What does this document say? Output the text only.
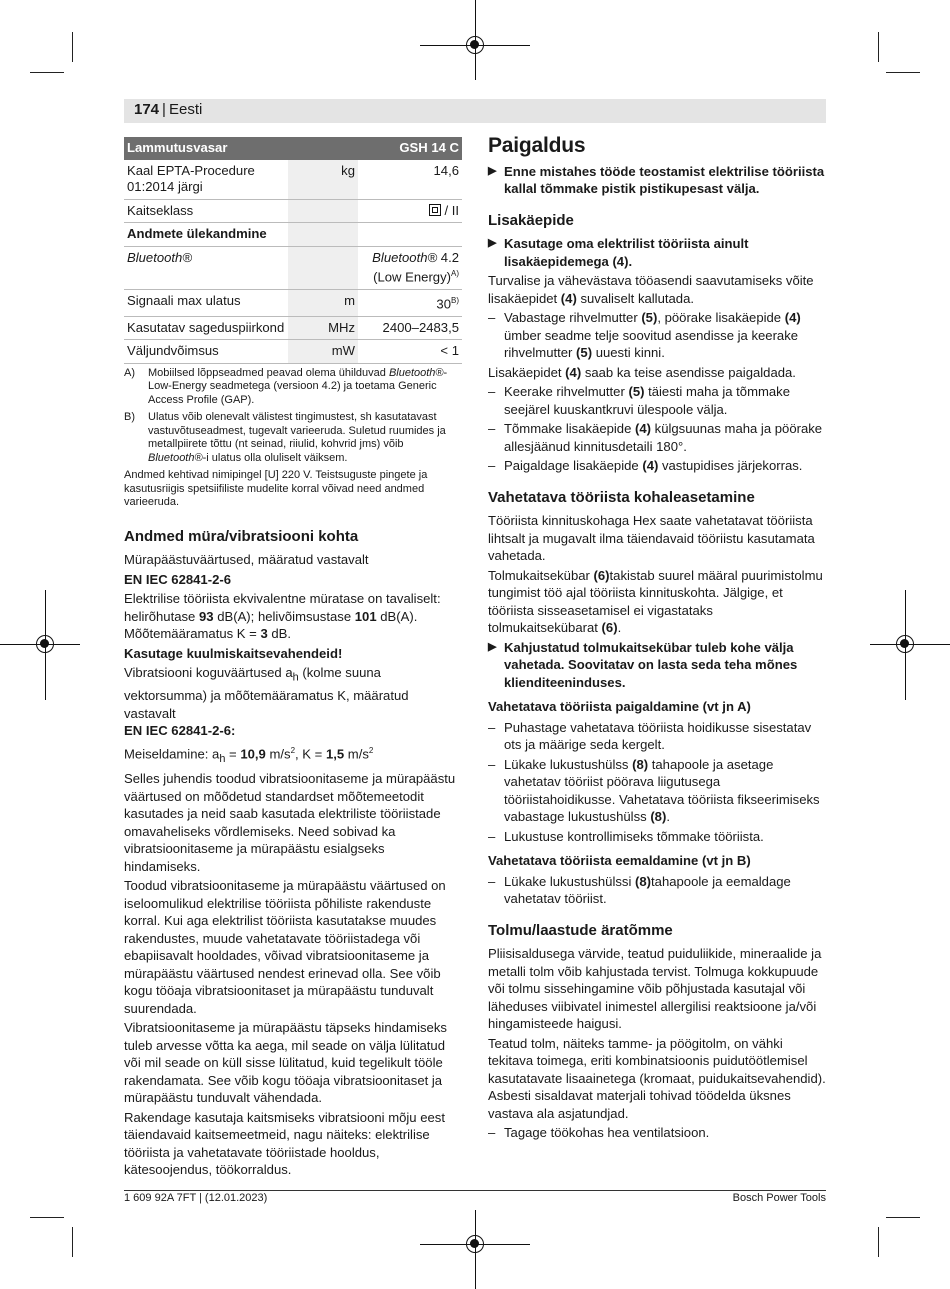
174 | Eesti
Lammutusvasar		GSH 14 C
Kaal EPTA-Procedure 01:2014 järgi	kg	14,6
Kaitseklass		/ II
Andmete ülekandmine		
Bluetooth®		Bluetooth® 4.2 (Low Energy)$^{A)}$
Signaali max ulatus	m	$30^{B)}$
Kasutatav sageduspiirkond	MHz	2400–2483,5
Väljundvõimsus	mW	< 1
A)	Mobiilsed lõppseadmed peavad olema ühilduvad Bluetooth®-Low-Energy seadmetega (versioon 4.2) ja toetama Generic Access Profile (GAP).
B)	Ulatus võib olenevalt välistest tingimustest, sh kasutatavast vastuvõtuseadmest, tugevalt varieeruda. Suletud ruumides ja metallpiirete tõttu (nt seinad, riiulid, kohvrid jms) võib Bluetooth®-i ulatus olla oluliselt väiksem.
Andmed kehtivad nimipingel [U] 220 V. Teistsuguste pingete ja kasutusriigis spetsiifiliste mudelite korral võivad need andmed varieeruda.
Andmed müra/vibratsiooni kohta

Mürapäästuväärtused, määratud vastavalt

EN IEC 62841-2-6

Elektrilise tööriista ekvivalentne müratase on tavaliselt: helirõhutase 93 dB(A); helivõimsustase 101 dB(A). Mõõtemääramatus K = 3 dB.

Kasutage kuulmiskaitsevahendeid!

Vibratsiooni koguväärtused $a_h$ (kolme suuna vektorsumma) ja mõõtemääramatus K, määratud vastavalt
EN IEC 62841-2-6:

Meiseldamine: $a_h = 10,9$ $m/s^2$, K = 1,5 $m/s^2$

Selles juhendis toodud vibratsioonitaseme ja mürapäästu väärtused on mõõdetud standardset mõõtemeetodit kasutades ja neid saab kasutada elektriliste tööriistade omavaheliseks võrdlemiseks. Need sobivad ka vibratsioonitaseme ja mürapäästu esialgseks hindamiseks.

Toodud vibratsioonitaseme ja mürapäästu väärtused on iseloomulikud elektrilise tööriista põhiliste rakenduste korral. Kui aga elektrilist tööriista kasutatakse muudes rakendustes, muude vahetatavate tööriistadega või ebapiisavalt hooldades, võivad vibratsioonitaseme ja mürapäästu väärtused nendest erinevad olla. See võib kogu tööaja vibratsioonitaset ja mürapäästu tunduvalt suurendada.

Vibratsioonitaseme ja mürapäästu täpseks hindamiseks tuleb arvesse võtta ka aega, mil seade on välja lülitatud või mil seade on küll sisse lülitatud, kuid tegelikult tööle rakendamata. See võib kogu tööaja vibratsioonitaset ja mürapäästu tunduvalt vähendada.

Rakendage kasutaja kaitsmiseks vibratsiooni mõju eest täiendavaid kaitsemeetmeid, nagu näiteks: elektrilise tööriista ja vahetatavate tööriistade hooldus, kätesoojendus, töökorraldus.

Paigaldus
▶ Enne mistahes tööde teostamist elektrilise tööriista kallal tõmmake pistik pistikupesast välja.
Lisakäepide
▶ Kasutage oma elektrilist tööriista ainult lisakäepidemega (4).

Turvalise ja vähevästava tööasendi saavutamiseks võite lisakäepidet (4) suvaliselt kallutada.

– Vabastage rihvelmutter (5), pöörake lisakäepide (4) ümber seadme telje soovitud asendisse ja keerake rihvelmutter (5) uuesti kinni.

Lisakäepidet (4) saab ka teise asendisse paigaldada.

– Keerake rihvelmutter (5) täiesti maha ja tõmmake seejärel kuuskantkruvi ülespoole välja.
– Tõmmake lisakäepide (4) külgsuunas maha ja pöörake allesjäänud kinnitusdetaili 180°.
– Paigaldage lisakäepide (4) vastupidises järjekorras.
Vahetatava tööriista kohaleasetamine

Tööriista kinnituskohaga Hex saate vahetatavat tööriista lihtsalt ja mugavalt ilma täiendavaid tööriistu kasutamata vahetada.

Tolmukaitsekübar (6)takistab suurel määral puurimistolmu tungimist töö ajal tööriista kinnituskohta. Jälgige, et tööriista sisseasetamisel ei vigastataks tolmukaitsekübarat (6).

▶ Kahjustatud tolmukaitsekübar tuleb kohe välja vahetada. Soovitatav on lasta seda teha mõnes klienditeeninduses.
Vahetatava tööriista paigaldamine (vt jn A)
– Puhastage vahetatava tööriista hoidikusse sisestatav ots ja määrige seda kergelt.
– Lükake lukustushülss (8) tahapoole ja asetage vahetatav tööriist pöörava liigutusega tööriistahoidikusse. Vahetatava tööriista fikseerimiseks vabastage lukustushülss (8).
– Lukustuse kontrollimiseks tõmmake tööriista.
Vahetatava tööriista eemaldamine (vt jn B)
– Lükake lukustushülssi (8)tahapoole ja eemaldage vahetatav tööriist.
Tolmu/laastude äratõmme

Pliisisaldusega värvide, teatud puiduliikide, mineraalide ja metalli tolm võib kahjustada tervist. Tolmuga kokkupuude või tolmu sissehingamine võib põhjustada kasutajal või läheduses viibivatel inimestel allergilisi reaktsioone ja/või hingamisteede haigusi.

Teatud tolm, näiteks tamme- ja pöögitolm, on vähki tekitava toimega, eriti kombinatsioonis puidutöötlemisel kasutatavate lisaainetega (kromaat, puidukaitsevahendid). Asbesti sisaldavat materjali tohivad töödelda üksnes vastava ala asjatundjad.

– Tagage töökohas hea ventilatsioon.
1 609 92A 7FT | (12.01.2023)	Bosch Power Tools
